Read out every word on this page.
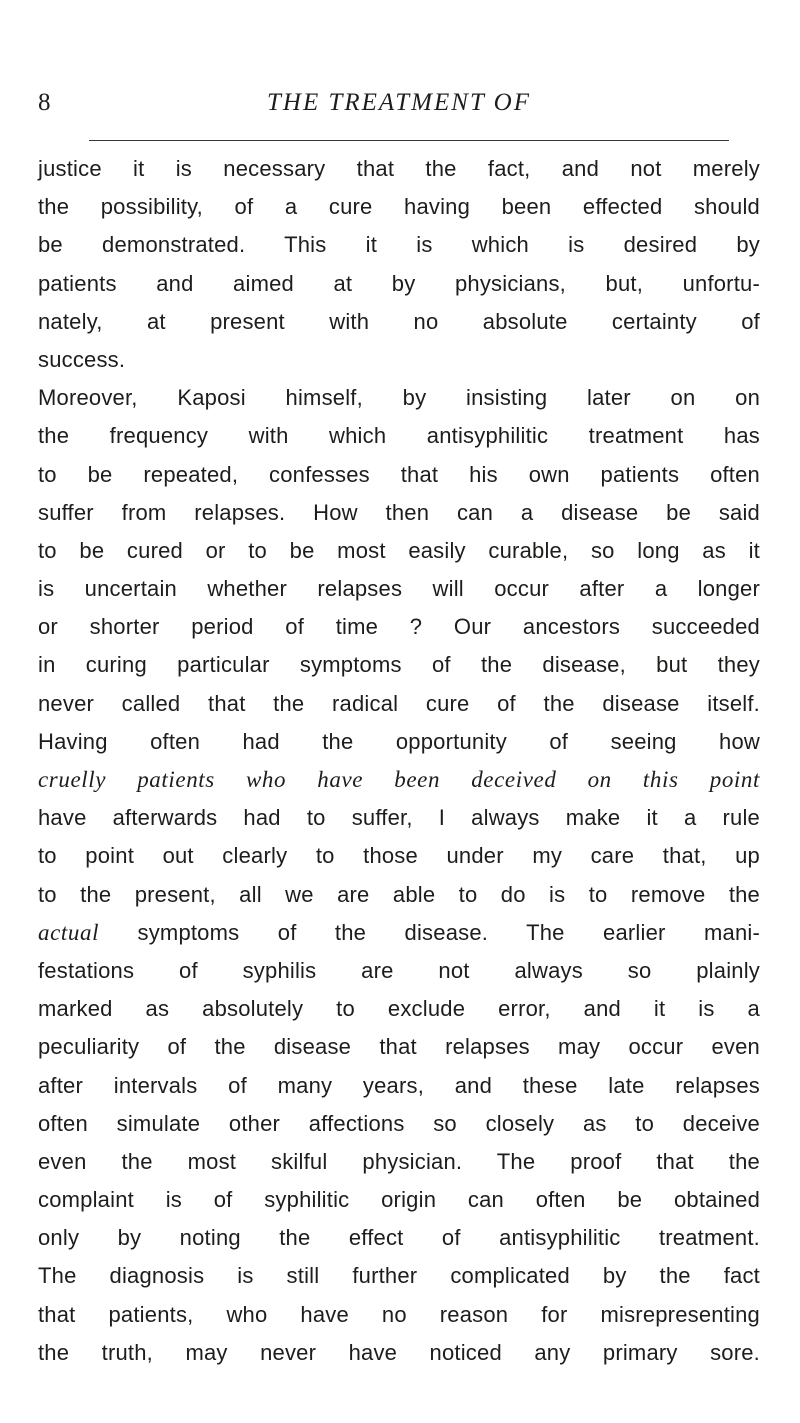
8	THE TREATMENT OF
justice it is necessary that the fact, and not merely
the possibility, of a cure having been effected should
be demonstrated. This it is which is desired by
patients and aimed at by physicians, but, unfortu-
nately, at present with no absolute certainty of
success.
Moreover, Kaposi himself, by insisting later on on
the frequency with which antisyphilitic treatment has
to be repeated, confesses that his own patients often
suffer from relapses. How then can a disease be said
to be cured or to be most easily curable, so long as it
is uncertain whether relapses will occur after a longer
or shorter period of time ? Our ancestors succeeded
in curing particular symptoms of the disease, but they
never called that the radical cure of the disease itself.
Having often had the opportunity of seeing how
cruelly patients who have been deceived on this point
have afterwards had to suffer, I always make it a rule
to point out clearly to those under my care that, up
to the present, all we are able to do is to remove the
actual symptoms of the disease. The earlier mani-
festations of syphilis are not always so plainly
marked as absolutely to exclude error, and it is a
peculiarity of the disease that relapses may occur even
after intervals of many years, and these late relapses
often simulate other affections so closely as to deceive
even the most skilful physician. The proof that the
complaint is of syphilitic origin can often be obtained
only by noting the effect of antisyphilitic treatment.
The diagnosis is still further complicated by the fact
that patients, who have no reason for misrepresenting
the truth, may never have noticed any primary sore.
